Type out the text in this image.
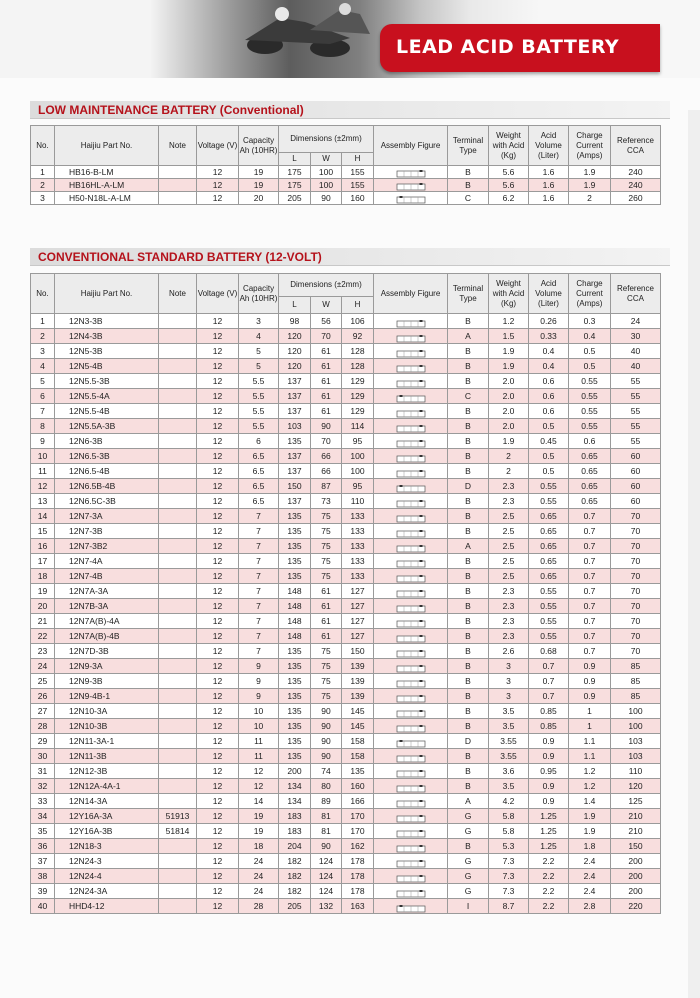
LEAD ACID BATTERY
LOW MAINTENANCE BATTERY (Conventional)
No.	Haijiu Part No.	Note	Voltage (V)	Capacity Ah (10HR)	Dimensions (±2mm)			Assembly Figure	Terminal Type	Weight with Acid (Kg)	Acid Volume (Liter)	Charge Current (Amps)	Reference CCA
					L	W	H						
1	HB16-B-LM		12	19	175	100	155		B	5.6	1.6	1.9	240
2	HB16HL-A-LM		12	19	175	100	155		B	5.6	1.6	1.9	240
3	H50-N18L-A-LM		12	20	205	90	160		C	6.2	1.6	2	260
CONVENTIONAL STANDARD BATTERY (12-VOLT)
No.	Haijiu Part No.	Note	Voltage (V)	Capacity Ah (10HR)	Dimensions (±2mm)			Assembly Figure	Terminal Type	Weight with Acid (Kg)	Acid Volume (Liter)	Charge Current (Amps)	Reference CCA
					L	W	H						
1	12N3-3B		12	3	98	56	106		B	1.2	0.26	0.3	24
2	12N4-3B		12	4	120	70	92		A	1.5	0.33	0.4	30
3	12N5-3B		12	5	120	61	128		B	1.9	0.4	0.5	40
4	12N5-4B		12	5	120	61	128		B	1.9	0.4	0.5	40
5	12N5.5-3B		12	5.5	137	61	129		B	2.0	0.6	0.55	55
6	12N5.5-4A		12	5.5	137	61	129		C	2.0	0.6	0.55	55
7	12N5.5-4B		12	5.5	137	61	129		B	2.0	0.6	0.55	55
8	12N5.5A-3B		12	5.5	103	90	114		B	2.0	0.5	0.55	55
9	12N6-3B		12	6	135	70	95		B	1.9	0.45	0.6	55
10	12N6.5-3B		12	6.5	137	66	100		B	2	0.5	0.65	60
11	12N6.5-4B		12	6.5	137	66	100		B	2	0.5	0.65	60
12	12N6.5B-4B		12	6.5	150	87	95		D	2.3	0.55	0.65	60
13	12N6.5C-3B		12	6.5	137	73	110		B	2.3	0.55	0.65	60
14	12N7-3A		12	7	135	75	133		B	2.5	0.65	0.7	70
15	12N7-3B		12	7	135	75	133		B	2.5	0.65	0.7	70
16	12N7-3B2		12	7	135	75	133		A	2.5	0.65	0.7	70
17	12N7-4A		12	7	135	75	133		B	2.5	0.65	0.7	70
18	12N7-4B		12	7	135	75	133		B	2.5	0.65	0.7	70
19	12N7A-3A		12	7	148	61	127		B	2.3	0.55	0.7	70
20	12N7B-3A		12	7	148	61	127		B	2.3	0.55	0.7	70
21	12N7A(B)-4A		12	7	148	61	127		B	2.3	0.55	0.7	70
22	12N7A(B)-4B		12	7	148	61	127		B	2.3	0.55	0.7	70
23	12N7D-3B		12	7	135	75	150		B	2.6	0.68	0.7	70
24	12N9-3A		12	9	135	75	139		B	3	0.7	0.9	85
25	12N9-3B		12	9	135	75	139		B	3	0.7	0.9	85
26	12N9-4B-1		12	9	135	75	139		B	3	0.7	0.9	85
27	12N10-3A		12	10	135	90	145		B	3.5	0.85	1	100
28	12N10-3B		12	10	135	90	145		B	3.5	0.85	1	100
29	12N11-3A-1		12	11	135	90	158		D	3.55	0.9	1.1	103
30	12N11-3B		12	11	135	90	158		B	3.55	0.9	1.1	103
31	12N12-3B		12	12	200	74	135		B	3.6	0.95	1.2	110
32	12N12A-4A-1		12	12	134	80	160		B	3.5	0.9	1.2	120
33	12N14-3A		12	14	134	89	166		A	4.2	0.9	1.4	125
34	12Y16A-3A	51913	12	19	183	81	170		G	5.8	1.25	1.9	210
35	12Y16A-3B	51814	12	19	183	81	170		G	5.8	1.25	1.9	210
36	12N18-3		12	18	204	90	162		B	5.3	1.25	1.8	150
37	12N24-3		12	24	182	124	178		G	7.3	2.2	2.4	200
38	12N24-4		12	24	182	124	178		G	7.3	2.2	2.4	200
39	12N24-3A		12	24	182	124	178		G	7.3	2.2	2.4	200
40	HHD4-12		12	28	205	132	163		I	8.7	2.2	2.8	220
